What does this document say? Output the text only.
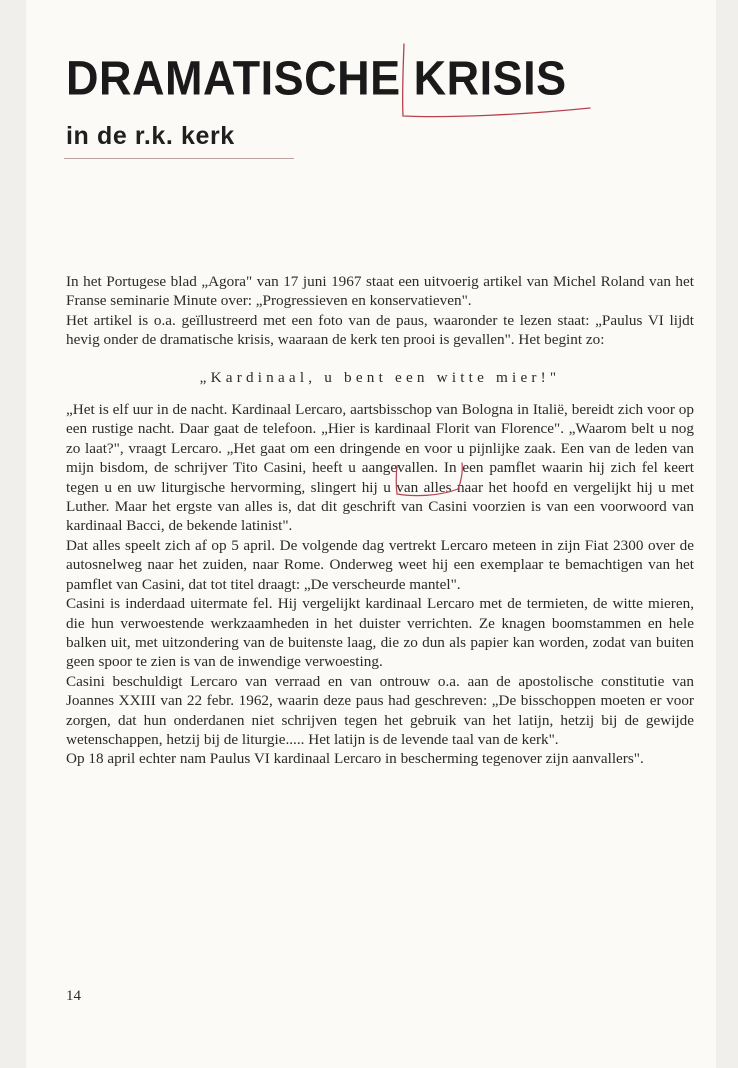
DRAMATISCHE KRISIS
in de r.k. kerk

In het Portugese blad „Agora" van 17 juni 1967 staat een uitvoerig artikel van Michel Roland van het Franse seminarie Minute over: „Progressieven en konservatieven".

Het artikel is o.a. geïllustreerd met een foto van de paus, waaronder te lezen staat: „Paulus VI lijdt hevig onder de dramatische krisis, waaraan de kerk ten prooi is gevallen". Het begint zo:

„Kardinaal, u bent een witte mier!"

„Het is elf uur in de nacht. Kardinaal Lercaro, aartsbisschop van Bologna in Italië, bereidt zich voor op een rustige nacht. Daar gaat de telefoon. „Hier is kardinaal Florit van Florence". „Waarom belt u nog zo laat?", vraagt Lercaro. „Het gaat om een dringende en voor u pijnlijke zaak. Een van de leden van mijn bisdom, de schrijver Tito Casini, heeft u aangevallen. In een pamflet waarin hij zich fel keert tegen u en uw liturgische hervorming, slingert hij u van alles naar het hoofd en vergelijkt hij u met Luther. Maar het ergste van alles is, dat dit geschrift van Casini voorzien is van een voorwoord van kardinaal Bacci, de bekende latinist".

Dat alles speelt zich af op 5 april. De volgende dag vertrekt Lercaro meteen in zijn Fiat 2300 over de autosnelweg naar het zuiden, naar Rome. Onderweg weet hij een exemplaar te bemachtigen van het pamflet van Casini, dat tot titel draagt: „De verscheurde mantel".

Casini is inderdaad uitermate fel. Hij vergelijkt kardinaal Lercaro met de termieten, de witte mieren, die hun verwoestende werkzaamheden in het duister verrichten. Ze knagen boomstammen en hele balken uit, met uitzondering van de buitenste laag, die zo dun als papier kan worden, zodat van buiten geen spoor te zien is van de inwendige verwoesting.

Casini beschuldigt Lercaro van verraad en van ontrouw o.a. aan de apostolische constitutie van Joannes XXIII van 22 febr. 1962, waarin deze paus had geschreven: „De bisschoppen moeten er voor zorgen, dat hun onderdanen niet schrijven tegen het gebruik van het latijn, hetzij bij de gewijde wetenschappen, hetzij bij de liturgie..... Het latijn is de levende taal van de kerk".

Op 18 april echter nam Paulus VI kardinaal Lercaro in bescherming tegenover zijn aanvallers".

14
